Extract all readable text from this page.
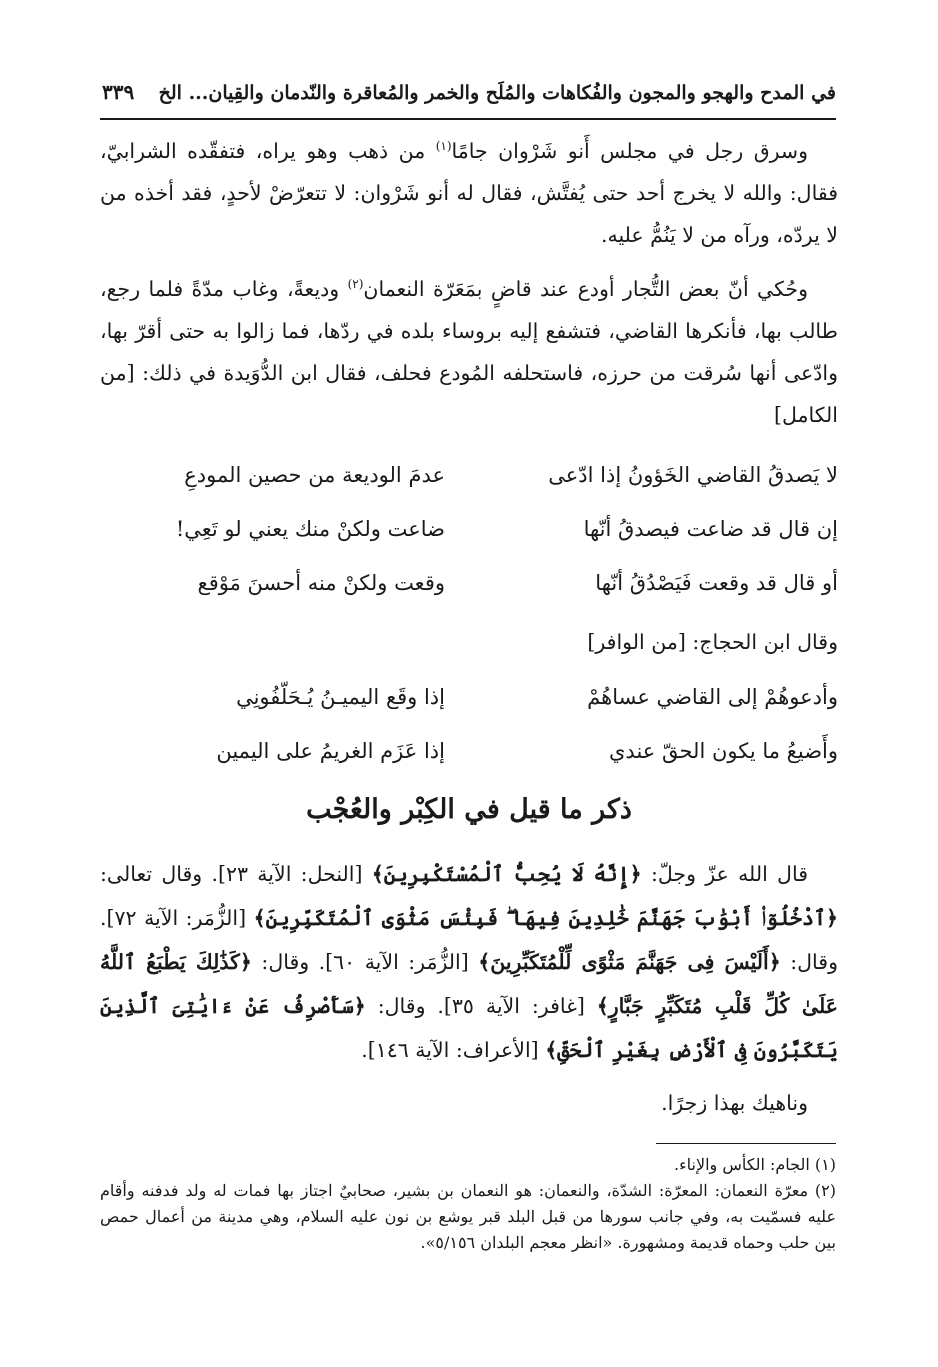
في المدح والهجو والمجون والفُكاهات والمُلَح والخمر والمُعاقرة والنّدمان والقِيان... الخ
٣٣٩

وسرق رجل في مجلس أَنو شَرْوان جامًا$^{(١)}$ من ذهب وهو يراه، فتفقّده الشرابيّ، فقال: والله لا يخرج أحد حتى يُفتَّش، فقال له أنو شَرْوان: لا تتعرّضْ لأحدٍ، فقد أخذه من لا يردّه، ورآه من لا يَنُمُّ عليه.

وحُكي أنّ بعض التُّجار أودع عند قاضٍ بمَعَرّة النعمان$^{(٢)}$ وديعةً، وغاب مدّةً فلما رجع، طالب بها، فأنكرها القاضي، فتشفع إليه بروساء بلده في ردّها، فما زالوا به حتى أقرّ بها، وادّعى أنها سُرقت من حرزه، فاستحلفه المُودع فحلف، فقال ابن الدُّوَيدة في ذلك: [من الكامل]

لا يَصدقُ القاضي الخَؤونُ إذا ادّعى
عدمَ الوديعة من حصين المودعِ
إن قال قد ضاعت فيصدقُ أنّها
ضاعت ولكنْ منك يعني لو تَعِي!
أو قال قد وقعت فَيَصْدُقُ أنّها
وقعت ولكنْ منه أحسنَ مَوْقع
وقال ابن الحجاج: [من الوافر]
وأدعوهُمْ إلى القاضي عساهُمْ
إذا وقَع اليميـنُ يُـحَلّفُونِي
وأَضيعُ ما يكون الحقّ عندي
إذا عَزَم الغريمُ على اليمين
ذكر ما قيل في الكِبْر والعُجْب

قال الله عزّ وجلّ: ﴿إِنَّهُ لَا يُحِبُّ ٱلْمُسْتَكْبِرِينَ﴾ [النحل: الآية ٢٣]. وقال تعالى: ﴿ٱدْخُلُوٓا۟ أَبْوَٰبَ جَهَنَّمَ خَٰلِدِينَ فِيهَا ۖ فَبِئْسَ مَثْوَى ٱلْمُتَكَبِّرِينَ﴾ [الزُّمَر: الآية ٧٢]. وقال: ﴿أَلَيْسَ فِى جَهَنَّمَ مَثْوًى لِّلْمُتَكَبِّرِينَ﴾ [الزُّمَر: الآية ٦٠]. وقال: ﴿كَذَٰلِكَ يَطْبَعُ ٱللَّهُ عَلَىٰ كُلِّ قَلْبِ مُتَكَبِّرٍ جَبَّارٍ﴾ [غافر: الآية ٣٥]. وقال: ﴿سَأَصْرِفُ عَنْ ءَايَٰتِىَ ٱلَّذِينَ يَتَكَبَّرُونَ فِى ٱلْأَرْضِ بِغَيْرِ ٱلْحَقِّ﴾ [الأعراف: الآية ١٤٦].

وناهيك بهذا زجرًا.

(١) الجام: الكأس والإناء.

(٢) معرّة النعمان: المعرّة: الشدّة، والنعمان: هو النعمان بن بشير، صحابيٌ اجتاز بها فمات له ولد فدفنه وأقام عليه فسمّيت به، وفي جانب سورها من قبل البلد قبر يوشع بن نون عليه السلام، وهي مدينة من أعمال حمص بين حلب وحماه قديمة ومشهورة. «انظر معجم البلدان ٥/١٥٦».
